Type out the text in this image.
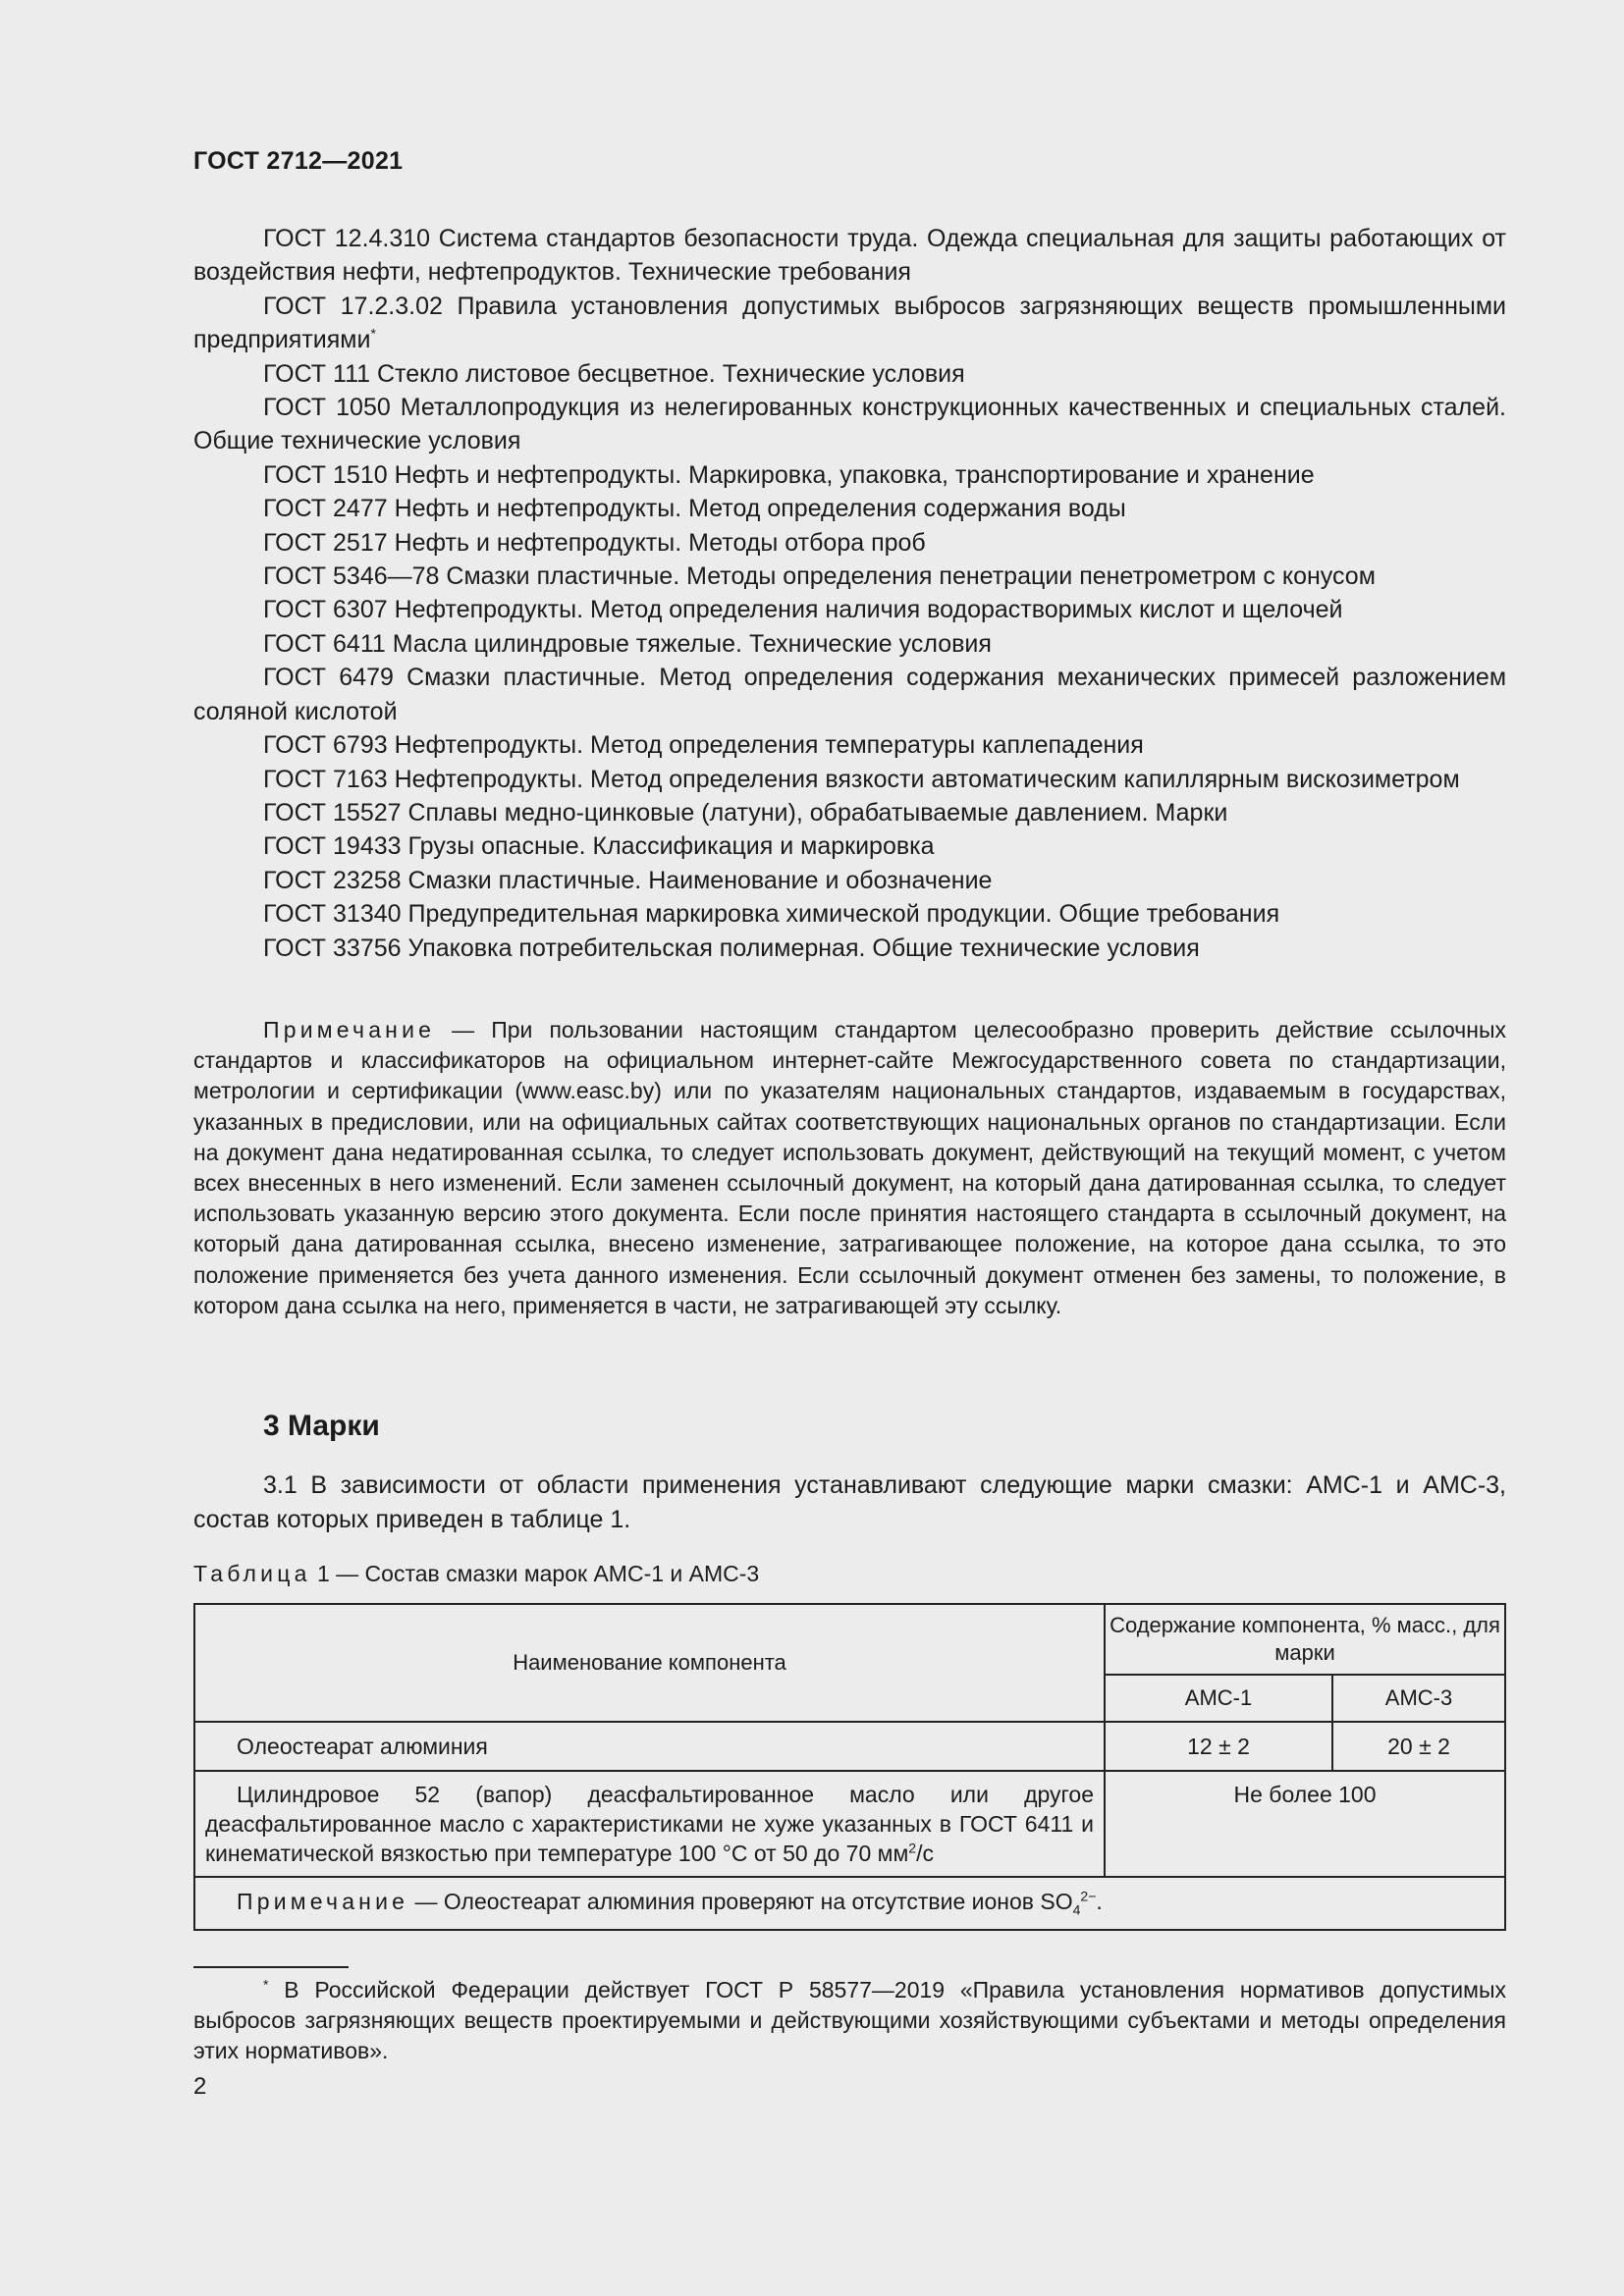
ГОСТ 2712—2021
ГОСТ 12.4.310 Система стандартов безопасности труда. Одежда специальная для защиты работающих от воздействия нефти, нефтепродуктов. Технические требования
ГОСТ 17.2.3.02 Правила установления допустимых выбросов загрязняющих веществ промышленными предприятиями*
ГОСТ 111 Стекло листовое бесцветное. Технические условия
ГОСТ 1050 Металлопродукция из нелегированных конструкционных качественных и специальных сталей. Общие технические условия
ГОСТ 1510 Нефть и нефтепродукты. Маркировка, упаковка, транспортирование и хранение
ГОСТ 2477 Нефть и нефтепродукты. Метод определения содержания воды
ГОСТ 2517 Нефть и нефтепродукты. Методы отбора проб
ГОСТ 5346—78 Смазки пластичные. Методы определения пенетрации пенетрометром с конусом
ГОСТ 6307 Нефтепродукты. Метод определения наличия водорастворимых кислот и щелочей
ГОСТ 6411 Масла цилиндровые тяжелые. Технические условия
ГОСТ 6479 Смазки пластичные. Метод определения содержания механических примесей разложением соляной кислотой
ГОСТ 6793 Нефтепродукты. Метод определения температуры каплепадения
ГОСТ 7163 Нефтепродукты. Метод определения вязкости автоматическим капиллярным вискозиметром
ГОСТ 15527 Сплавы медно-цинковые (латуни), обрабатываемые давлением. Марки
ГОСТ 19433 Грузы опасные. Классификация и маркировка
ГОСТ 23258 Смазки пластичные. Наименование и обозначение
ГОСТ 31340 Предупредительная маркировка химической продукции. Общие требования
ГОСТ 33756 Упаковка потребительская полимерная. Общие технические условия
Примечание — При пользовании настоящим стандартом целесообразно проверить действие ссылочных стандартов и классификаторов на официальном интернет-сайте Межгосударственного совета по стандартизации, метрологии и сертификации (www.easc.by) или по указателям национальных стандартов, издаваемым в государствах, указанных в предисловии, или на официальных сайтах соответствующих национальных органов по стандартизации. Если на документ дана недатированная ссылка, то следует использовать документ, действующий на текущий момент, с учетом всех внесенных в него изменений. Если заменен ссылочный документ, на который дана датированная ссылка, то следует использовать указанную версию этого документа. Если после принятия настоящего стандарта в ссылочный документ, на который дана датированная ссылка, внесено изменение, затрагивающее положение, на которое дана ссылка, то это положение применяется без учета данного изменения. Если ссылочный документ отменен без замены, то положение, в котором дана ссылка на него, применяется в части, не затрагивающей эту ссылку.
3 Марки
3.1 В зависимости от области применения устанавливают следующие марки смазки: АМС-1 и АМС-3, состав которых приведен в таблице 1.
Таблица 1 — Состав смазки марок АМС-1 и АМС-3
Наименование компонента	Содержание компонента, % масс., для марки	
	АМС-1	АМС-3
Олеостеарат алюминия	12 ± 2	20 ± 2
Цилиндровое 52 (вапор) деасфальтированное масло или другое деасфальтированное масло с характеристиками не хуже указанных в ГОСТ 6411 и кинематической вязкостью при температуре 100 °С от 50 до 70 $мм^2/с$	Не более 100	
Примечание — Олеостеарат алюминия проверяют на отсутствие ионов $SO_4^{2-}$.		
* В Российской Федерации действует ГОСТ Р 58577—2019 «Правила установления нормативов допустимых выбросов загрязняющих веществ проектируемыми и действующими хозяйствующими субъектами и методы определения этих нормативов».
2
